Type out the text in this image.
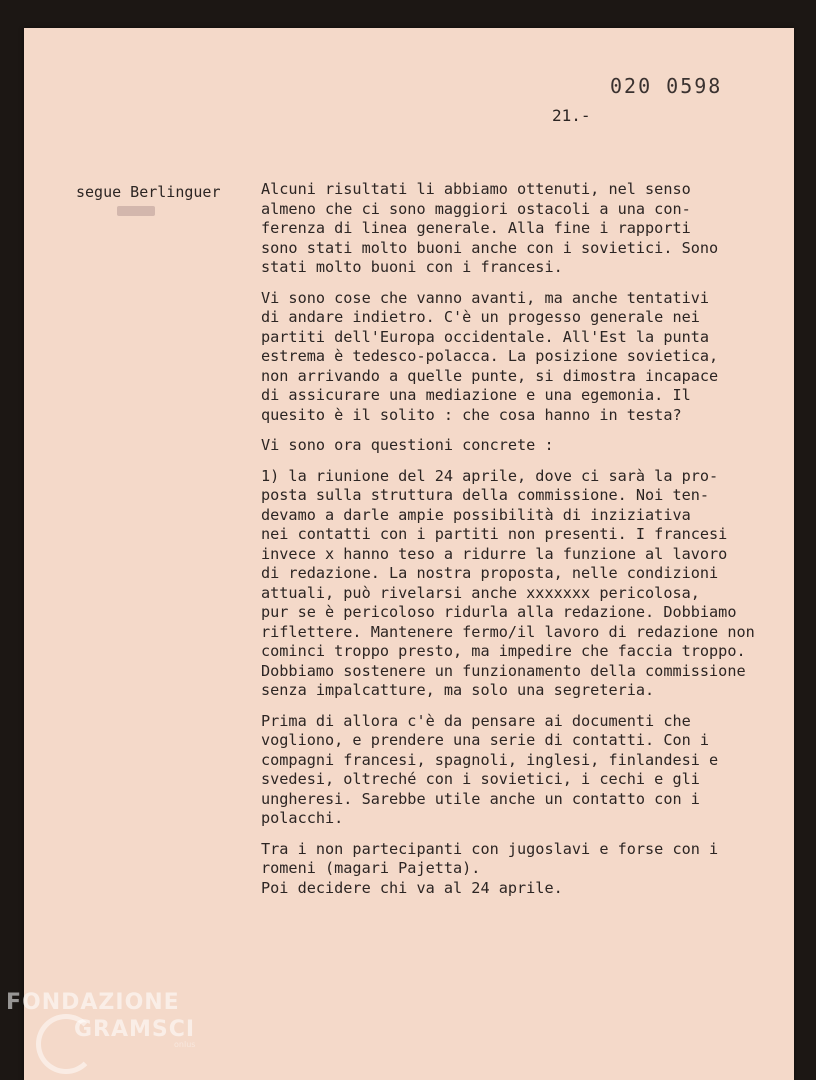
020 0598
21.-
segue Berlinguer	Alcuni risultati li abbiamo ottenuti, nel senso
almeno che ci sono maggiori ostacoli a una con-
ferenza di linea generale. Alla fine i rapporti
sono stati molto buoni anche con i sovietici. Sono
stati molto buoni con i francesi.
Vi sono cose che vanno avanti, ma anche tentativi
di andare indietro. C'è un progesso generale nei
partiti dell'Europa occidentale. All'Est la punta
estrema è tedesco-polacca. La posizione sovietica,
non arrivando a quelle punte, si dimostra incapace
di assicurare una mediazione e una egemonia. Il
quesito è il solito : che cosa hanno in testa?
Vi sono ora questioni concrete :
1) la riunione del 24 aprile, dove ci sarà la pro-
posta sulla struttura della commissione. Noi ten-
devamo a darle ampie possibilità di inziziativa
nei contatti con i partiti non presenti. I francesi
invece x hanno teso a ridurre la funzione al lavoro
di redazione. La nostra proposta, nelle condizioni
attuali, può rivelarsi anche xxxxxxx pericolosa,
pur se è pericoloso ridurla alla redazione. Dobbiamo
riflettere. Mantenere fermo/il lavoro di redazione non
cominci troppo presto, ma impedire che faccia troppo.
Dobbiamo sostenere un funzionamento della commissione
senza impalcatture, ma solo una segreteria.
Prima di allora c'è da pensare ai documenti che
vogliono, e prendere una serie di contatti. Con i
compagni francesi, spagnoli, inglesi, finlandesi e
svedesi, oltreché con i sovietici, i cechi e gli
ungheresi. Sarebbe utile anche un contatto con i
polacchi.
Tra i non partecipanti con jugoslavi e forse con i
romeni (magari Pajetta).
Poi decidere chi va al 24 aprile.
FONDAZIONE
GRAMSCI
onlus
